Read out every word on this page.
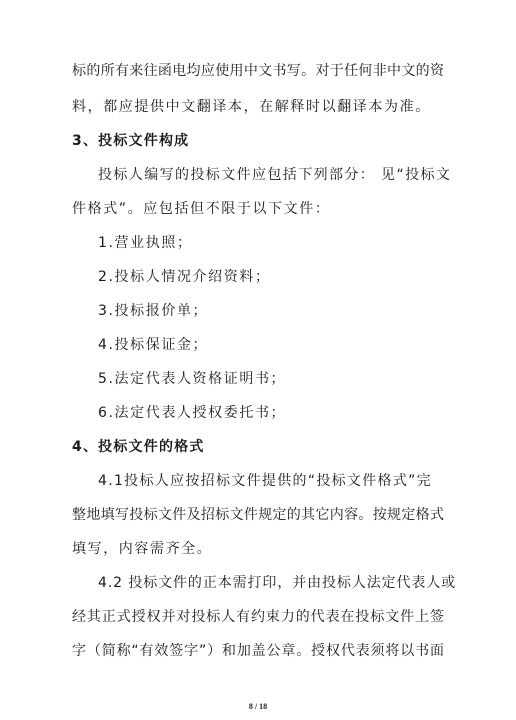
标的所有来往函电均应使用中文书写。对于任何非中文的资
料，都应提供中文翻译本，在解释时以翻译本为准。
3、投标文件构成
投标人编写的投标文件应包括下列部分： 见“投标文
件格式”。应包括但不限于以下文件：
1.营业执照；
2.投标人情况介绍资料；
3.投标报价单；
4.投标保证金；
5.法定代表人资格证明书；
6.法定代表人授权委托书；
4、投标文件的格式
4.1投标人应按招标文件提供的“投标文件格式”完
整地填写投标文件及招标文件规定的其它内容。按规定格式
填写，内容需齐全。
4.2 投标文件的正本需打印，并由投标人法定代表人或
经其正式授权并对投标人有约束力的代表在投标文件上签
字（简称“有效签字”）和加盖公章。授权代表须将以书面
8 / 18
